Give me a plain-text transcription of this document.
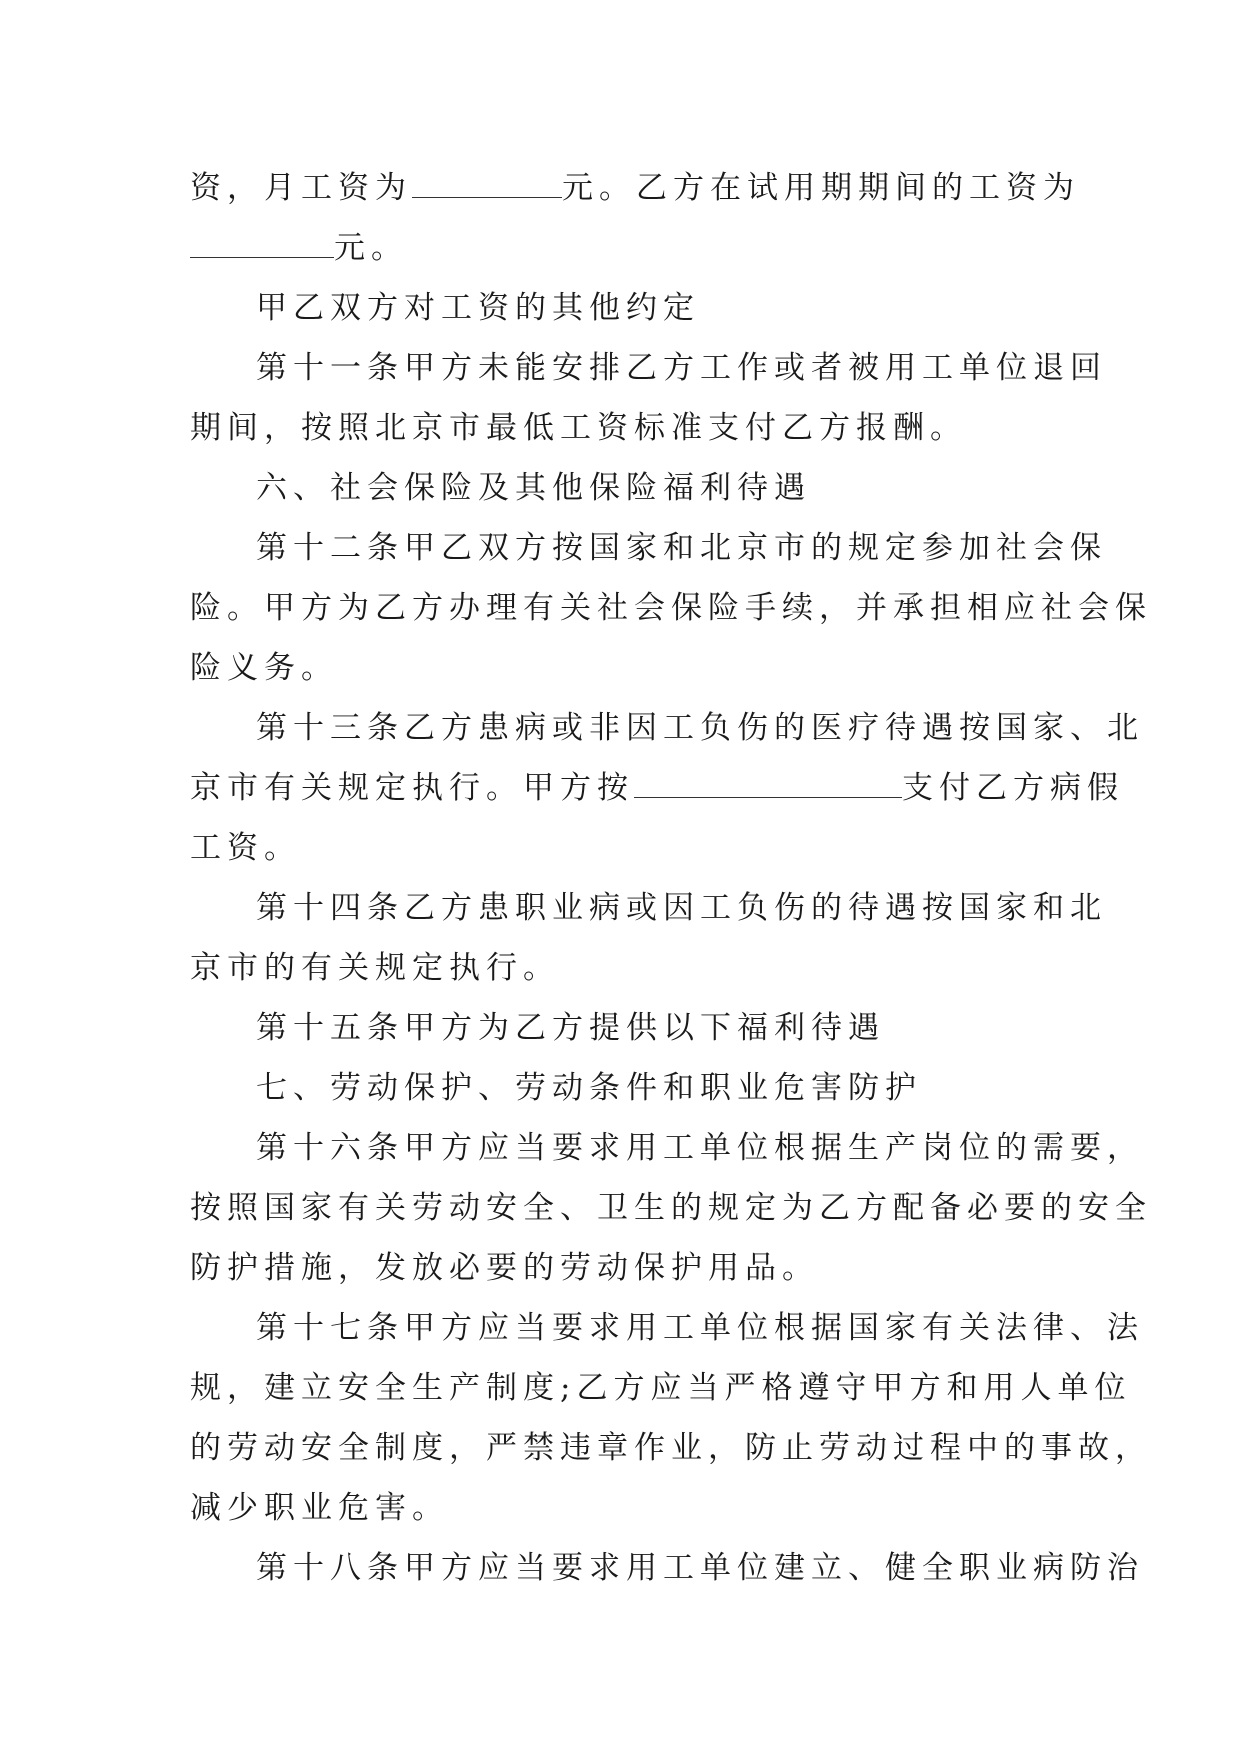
资，月工资为	元。乙方在试用期期间的工资为
元。
甲乙双方对工资的其他约定
第十一条甲方未能安排乙方工作或者被用工单位退回
期间，按照北京市最低工资标准支付乙方报酬。
六、社会保险及其他保险福利待遇
第十二条甲乙双方按国家和北京市的规定参加社会保
险。甲方为乙方办理有关社会保险手续，并承担相应社会保
险义务。
第十三条乙方患病或非因工负伤的医疗待遇按国家、北
京市有关规定执行。甲方按	支付乙方病假
工资。
第十四条乙方患职业病或因工负伤的待遇按国家和北
京市的有关规定执行。
第十五条甲方为乙方提供以下福利待遇
七、劳动保护、劳动条件和职业危害防护
第十六条甲方应当要求用工单位根据生产岗位的需要，
按照国家有关劳动安全、卫生的规定为乙方配备必要的安全
防护措施，发放必要的劳动保护用品。
第十七条甲方应当要求用工单位根据国家有关法律、法
规，建立安全生产制度;乙方应当严格遵守甲方和用人单位
的劳动安全制度，严禁违章作业，防止劳动过程中的事故，
减少职业危害。
第十八条甲方应当要求用工单位建立、健全职业病防治
